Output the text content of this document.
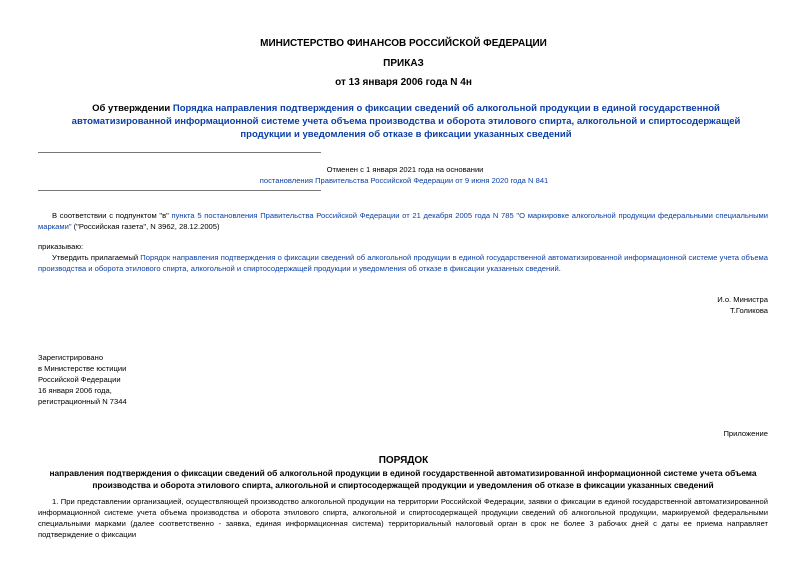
МИНИСТЕРСТВО ФИНАНСОВ РОССИЙСКОЙ ФЕДЕРАЦИИ
ПРИКАЗ
от 13 января 2006 года N 4н
Об утверждении Порядка направления подтверждения о фиксации сведений об алкогольной продукции в единой государственной автоматизированной информационной системе учета объема производства и оборота этилового спирта, алкогольной и спиртосодержащей продукции и уведомления об отказе в фиксации указанных сведений
Отменен с 1 января 2021 года на основании
постановления Правительства Российской Федерации от 9 июня 2020 года N 841
В соответствии с подпунктом "в" пункта 5 постановления Правительства Российской Федерации от 21 декабря 2005 года N 785 "О маркировке алкогольной продукции федеральными специальными марками" ("Российская газета", N 3962, 28.12.2005)
приказываю:
Утвердить прилагаемый Порядок направления подтверждения о фиксации сведений об алкогольной продукции в единой государственной автоматизированной информационной системе учета объема производства и оборота этилового спирта, алкогольной и спиртосодержащей продукции и уведомления об отказе в фиксации указанных сведений.
И.о. Министра
Т.Голикова
Зарегистрировано
в Министерстве юстиции
Российской Федерации
16 января 2006 года,
регистрационный N 7344
Приложение
ПОРЯДОК
направления подтверждения о фиксации сведений об алкогольной продукции в единой государственной автоматизированной информационной системе учета объема производства и оборота этилового спирта, алкогольной и спиртосодержащей продукции и уведомления об отказе в фиксации указанных сведений
1. При представлении организацией, осуществляющей производство алкогольной продукции на территории Российской Федерации, заявки о фиксации в единой государственной автоматизированной информационной системе учета объема производства и оборота этилового спирта, алкогольной и спиртосодержащей продукции сведений об алкогольной продукции, маркируемой федеральными специальными марками (далее соответственно - заявка, единая информационная система) территориальный налоговый орган в срок не более 3 рабочих дней с даты ее приема направляет подтверждение о фиксации
